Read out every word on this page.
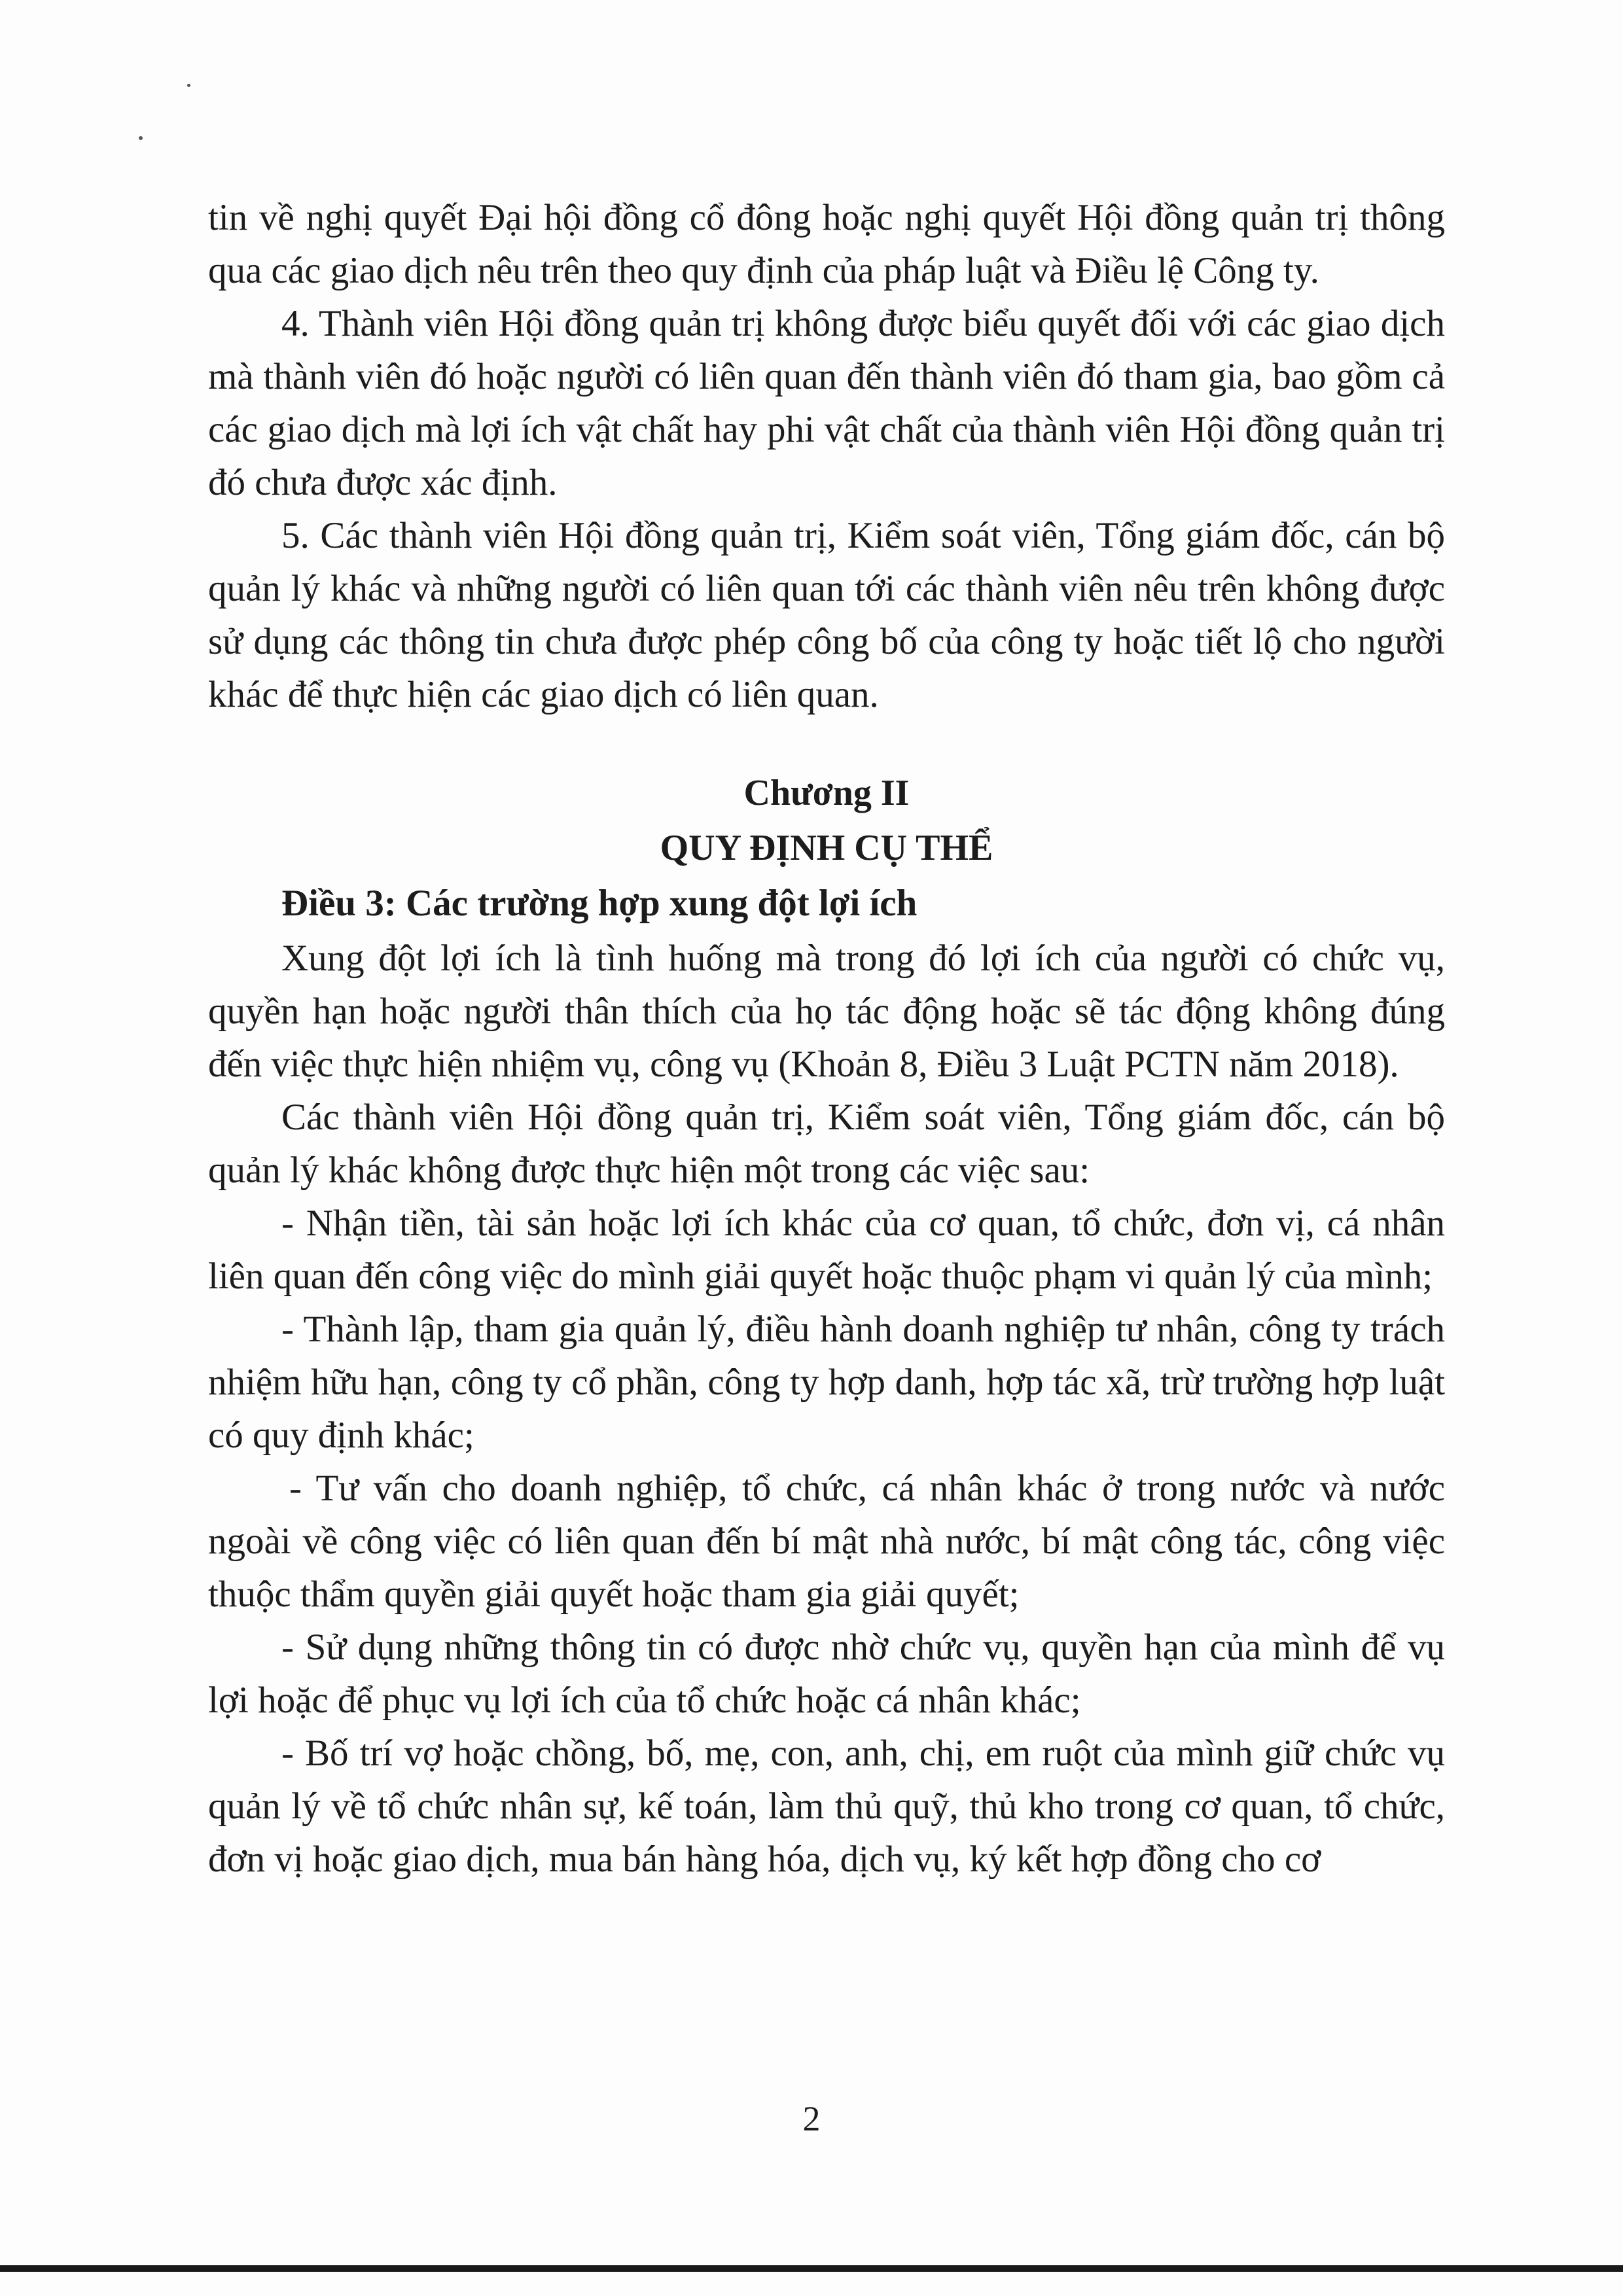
tin về nghị quyết Đại hội đồng cổ đông hoặc nghị quyết Hội đồng quản trị thông qua các giao dịch nêu trên theo quy định của pháp luật và Điều lệ Công ty.

4. Thành viên Hội đồng quản trị không được biểu quyết đối với các giao dịch mà thành viên đó hoặc người có liên quan đến thành viên đó tham gia, bao gồm cả các giao dịch mà lợi ích vật chất hay phi vật chất của thành viên Hội đồng quản trị đó chưa được xác định.

5. Các thành viên Hội đồng quản trị, Kiểm soát viên, Tổng giám đốc, cán bộ quản lý khác và những người có liên quan tới các thành viên nêu trên không được sử dụng các thông tin chưa được phép công bố của công ty hoặc tiết lộ cho người khác để thực hiện các giao dịch có liên quan.

Chương II

QUY ĐỊNH CỤ THỂ

Điều 3: Các trường hợp xung đột lợi ích

Xung đột lợi ích là tình huống mà trong đó lợi ích của người có chức vụ, quyền hạn hoặc người thân thích của họ tác động hoặc sẽ tác động không đúng đến việc thực hiện nhiệm vụ, công vụ (Khoản 8, Điều 3 Luật PCTN năm 2018).

Các thành viên Hội đồng quản trị, Kiểm soát viên, Tổng giám đốc, cán bộ quản lý khác không được thực hiện một trong các việc sau:

- Nhận tiền, tài sản hoặc lợi ích khác của cơ quan, tổ chức, đơn vị, cá nhân liên quan đến công việc do mình giải quyết hoặc thuộc phạm vi quản lý của mình;

- Thành lập, tham gia quản lý, điều hành doanh nghiệp tư nhân, công ty trách nhiệm hữu hạn, công ty cổ phần, công ty hợp danh, hợp tác xã, trừ trường hợp luật có quy định khác;

- Tư vấn cho doanh nghiệp, tổ chức, cá nhân khác ở trong nước và nước ngoài về công việc có liên quan đến bí mật nhà nước, bí mật công tác, công việc thuộc thẩm quyền giải quyết hoặc tham gia giải quyết;

- Sử dụng những thông tin có được nhờ chức vụ, quyền hạn của mình để vụ lợi hoặc để phục vụ lợi ích của tổ chức hoặc cá nhân khác;

- Bố trí vợ hoặc chồng, bố, mẹ, con, anh, chị, em ruột của mình giữ chức vụ quản lý về tổ chức nhân sự, kế toán, làm thủ quỹ, thủ kho trong cơ quan, tổ chức, đơn vị hoặc giao dịch, mua bán hàng hóa, dịch vụ, ký kết hợp đồng cho cơ

2
